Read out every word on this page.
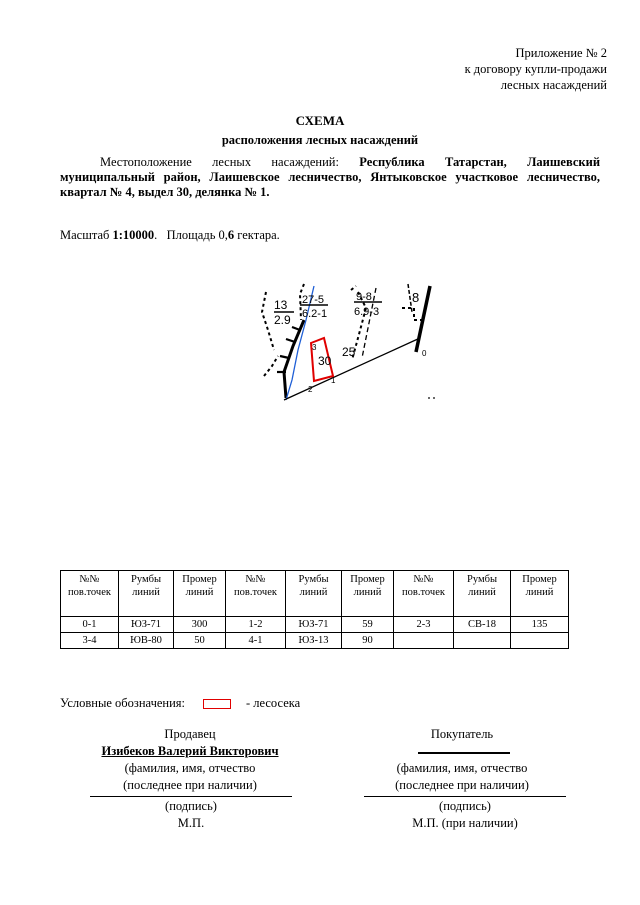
Приложение № 2
к договору купли-продажи
лесных насаждений
СХЕМА
расположения лесных насаждений
Местоположение лесных насаждений: Республика Татарстан, Лаишевский муниципальный район, Лаишевское лесничество, Янтыковское участковое лесничество, квартал № 4, выдел 30, делянка № 1.
Масштаб 1:10000.   Площадь 0,6 гектара.
13
2.9
27-5
6.2-1
9-8
6.9-3
8
25
30
0
1
2
3
№№ пов.точек	Румбы линий	Промер линий	№№ пов.точек	Румбы линий	Промер линий	№№ пов.точек	Румбы линий	Промер линий
0-1	ЮЗ-71	300	1-2	ЮЗ-71	59	2-3	СВ-18	135
3-4	ЮВ-80	50	4-1	ЮЗ-13	90			
Условные обозначения:	- лесосека
Продавец
Изибеков Валерий Викторович
(фамилия, имя, отчество
(последнее при наличии)
(подпись)
М.П.
Покупатель
(фамилия, имя, отчество
(последнее при наличии)
(подпись)
М.П. (при наличии)
